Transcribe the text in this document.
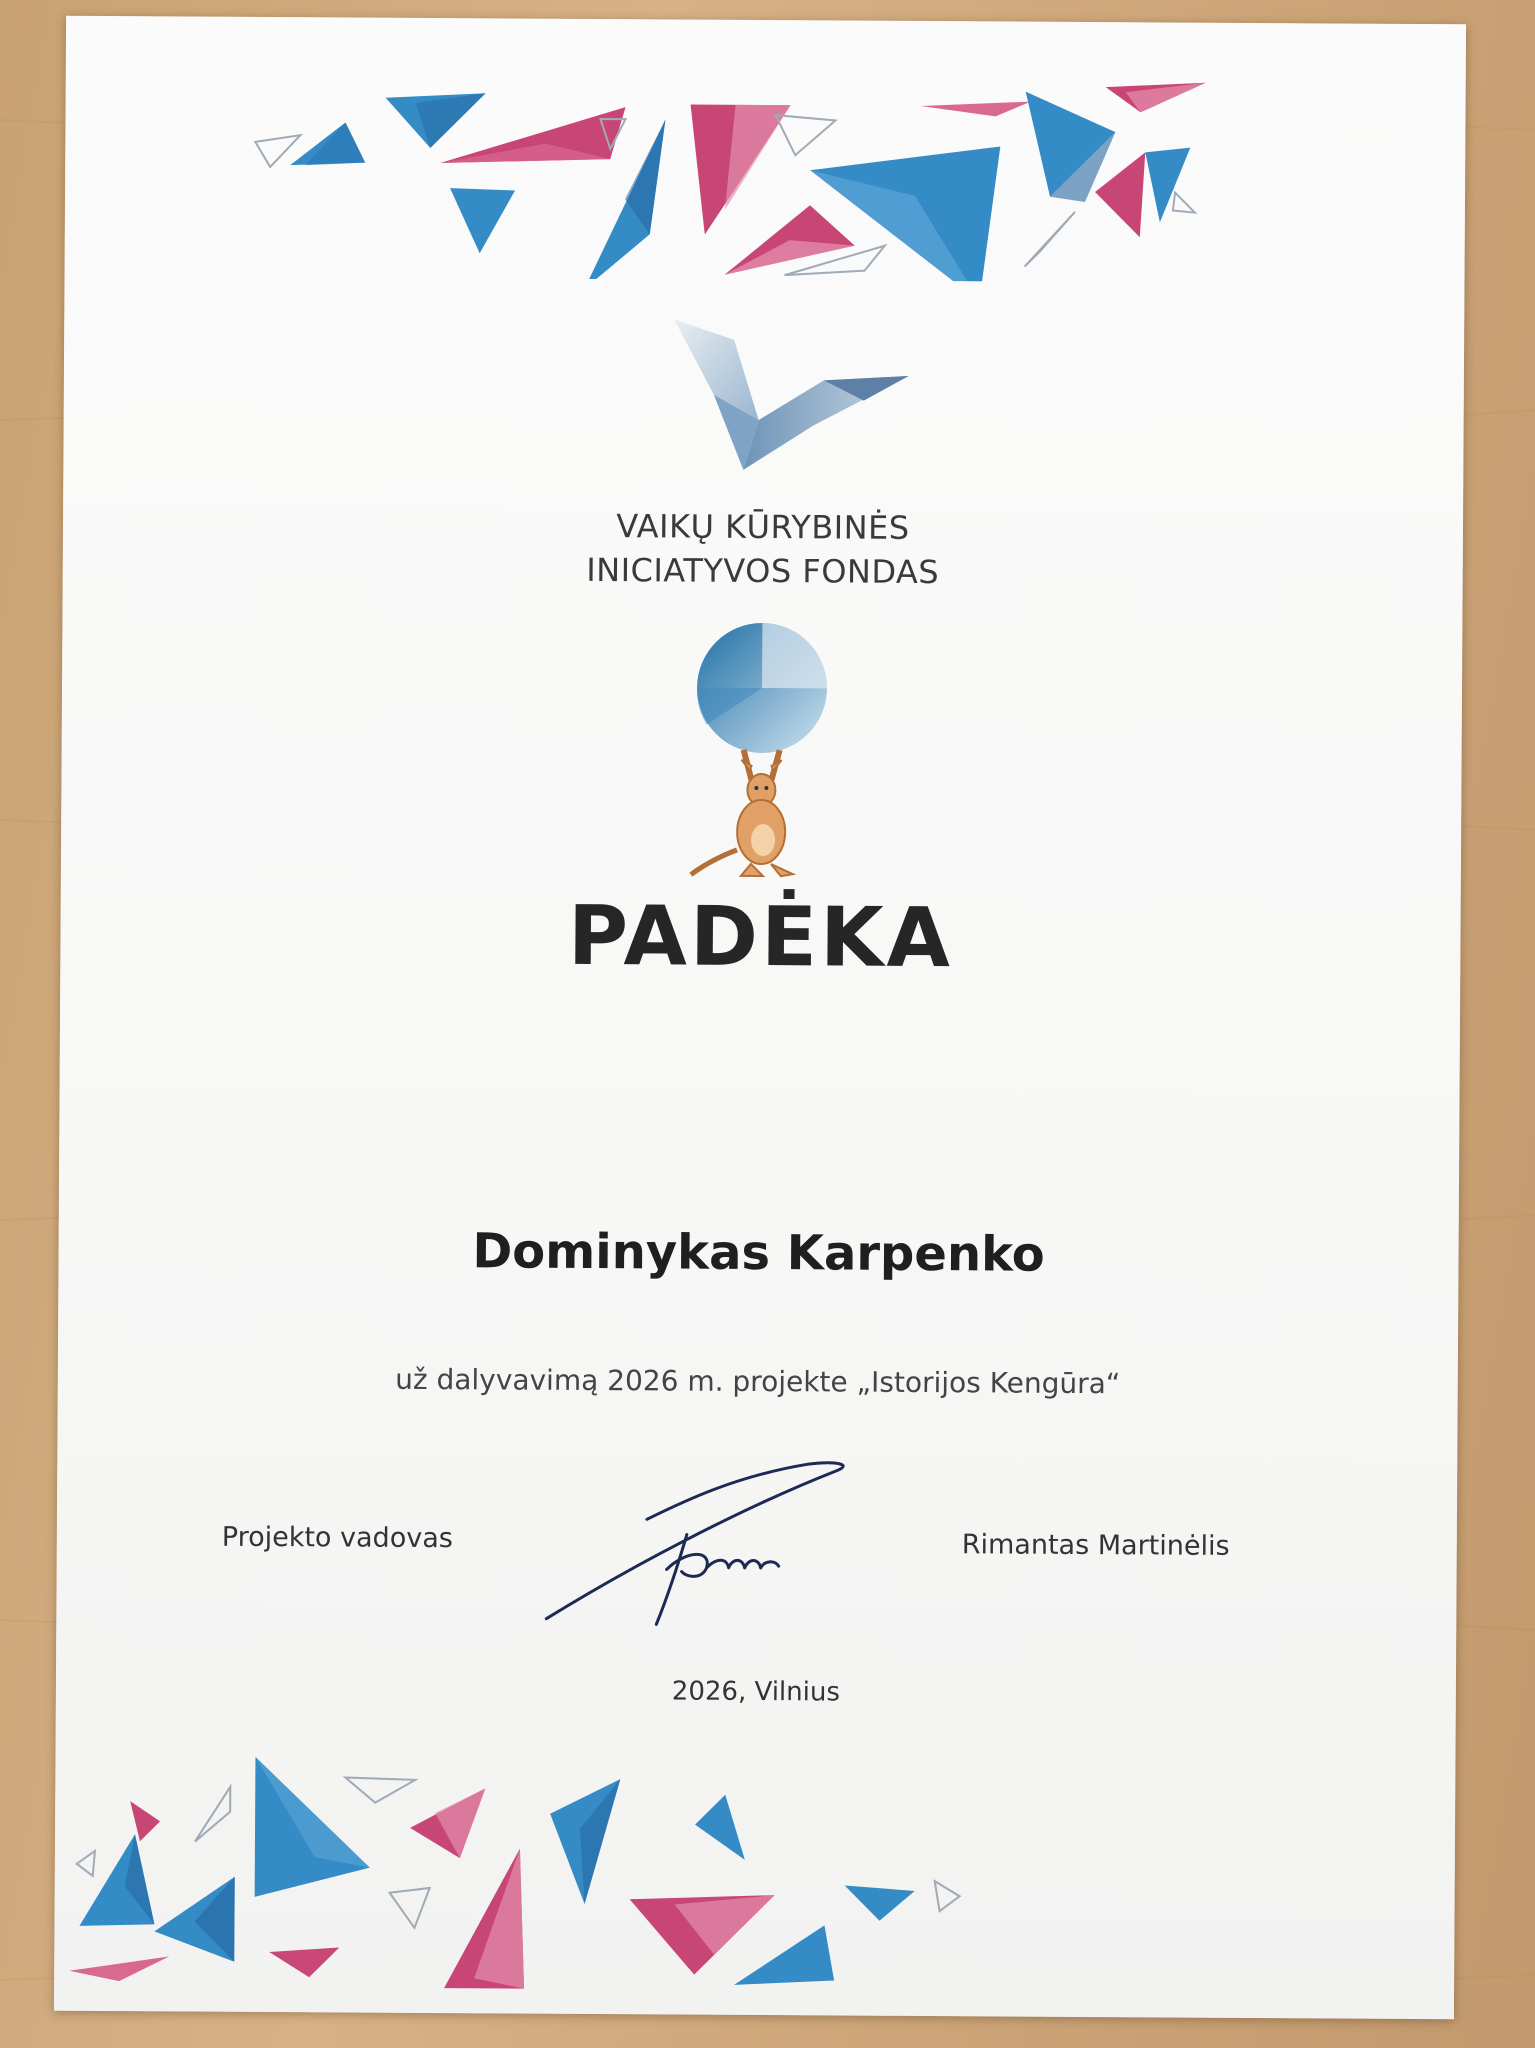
VAIKŲ KŪRYBINĖS
INICIATYVOS FONDAS
PADĖKA
Dominykas Karpenko
už dalyvavimą 2026 m. projekte „Istorijos Kengūra“
Projekto vadovas	Rimantas Martinėlis
2026, Vilnius
